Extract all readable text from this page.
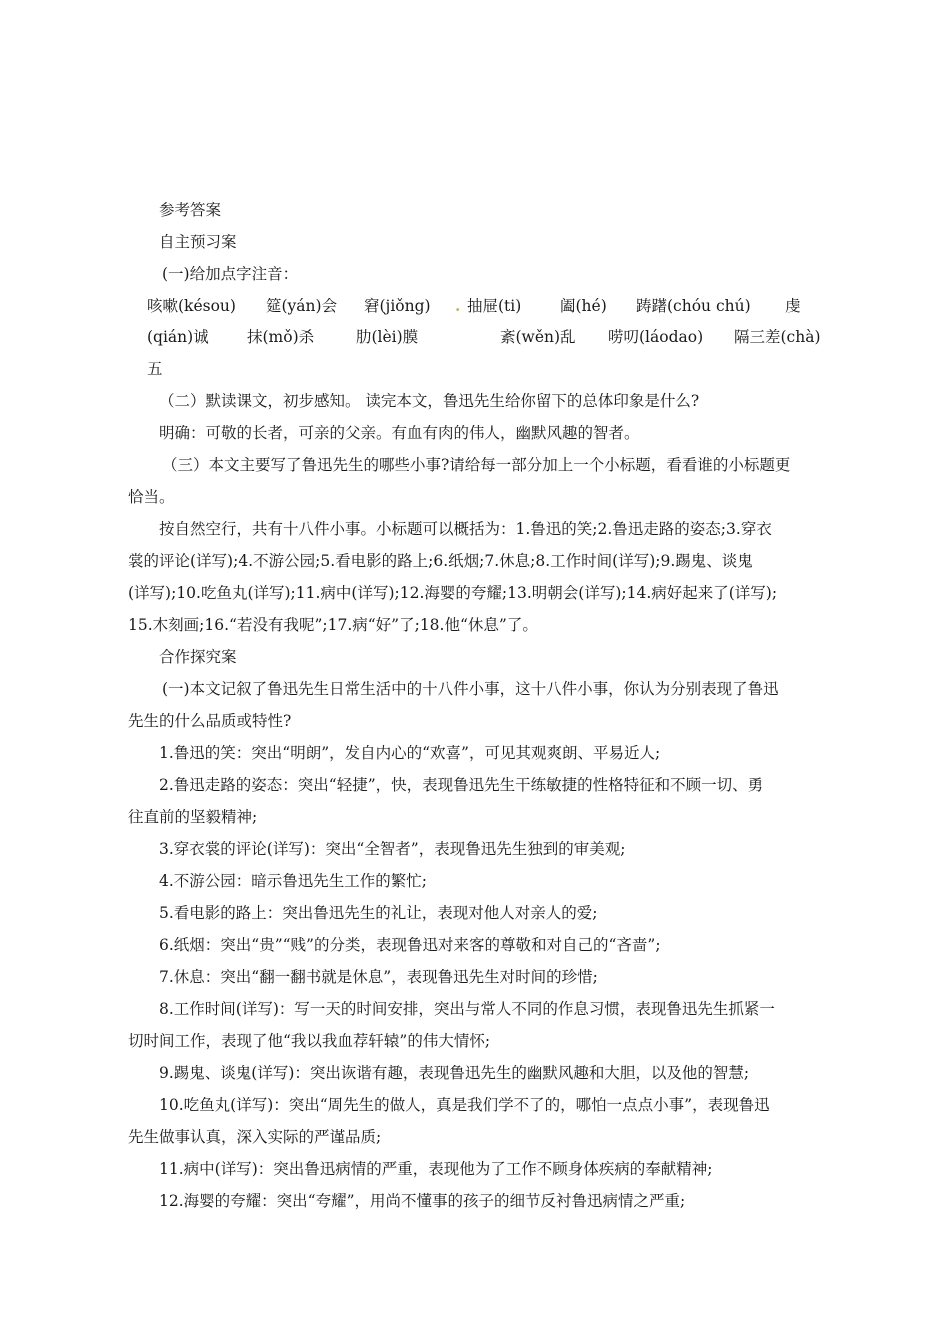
参考答案
自主预习案
(一)给加点字注音：
咳嗽(késou) 筵(yán)会 窘(jiǒng) . 抽屉(ti) 阖(hé) 踌躇(chóu chú) 虔
(qián)诚 抹(mǒ)杀	肋(lèi)膜	紊(wěn)乱 唠叨(láodao) 隔三差(chà)
五
（二）默读课文，初步感知。 读完本文，鲁迅先生给你留下的总体印象是什么?
明确：可敬的长者，可亲的父亲。有血有肉的伟人，幽默风趣的智者。
（三）本文主要写了鲁迅先生的哪些小事?请给每一部分加上一个小标题，看看谁的小标题更
恰当。
按自然空行，共有十八件小事。小标题可以概括为：1.鲁迅的笑;2.鲁迅走路的姿态;3.穿衣
裳的评论(详写);4.不游公园;5.看电影的路上;6.纸烟;7.休息;8.工作时间(详写);9.踢鬼、谈鬼
(详写);10.吃鱼丸(详写);11.病中(详写);12.海婴的夸耀;13.明朝会(详写);14.病好起来了(详写);
15.木刻画;16.“若没有我呢”;17.病“好”了;18.他“休息”了。
合作探究案
(一)本文记叙了鲁迅先生日常生活中的十八件小事，这十八件小事，你认为分别表现了鲁迅
先生的什么品质或特性?
1.鲁迅的笑：突出“明朗”，发自内心的“欢喜”，可见其观爽朗、平易近人;
2.鲁迅走路的姿态：突出“轻捷”，快，表现鲁迅先生干练敏捷的性格特征和不顾一切、勇
往直前的坚毅精神;
3.穿衣裳的评论(详写)：突出“全智者”，表现鲁迅先生独到的审美观;
4.不游公园：暗示鲁迅先生工作的繁忙;
5.看电影的路上：突出鲁迅先生的礼让，表现对他人对亲人的爱;
6.纸烟：突出“贵”“贱”的分类，表现鲁迅对来客的尊敬和对自己的“吝啬”;
7.休息：突出“翻一翻书就是休息”，表现鲁迅先生对时间的珍惜;
8.工作时间(详写)：写一天的时间安排，突出与常人不同的作息习惯，表现鲁迅先生抓紧一
切时间工作，表现了他“我以我血荐轩辕”的伟大情怀;
9.踢鬼、谈鬼(详写)：突出诙谐有趣，表现鲁迅先生的幽默风趣和大胆，以及他的智慧;
10.吃鱼丸(详写)：突出“周先生的做人，真是我们学不了的，哪怕一点点小事”，表现鲁迅
先生做事认真，深入实际的严谨品质;
11.病中(详写)：突出鲁迅病情的严重，表现他为了工作不顾身体疾病的奉献精神;
12.海婴的夸耀：突出“夸耀”，用尚不懂事的孩子的细节反衬鲁迅病情之严重;
